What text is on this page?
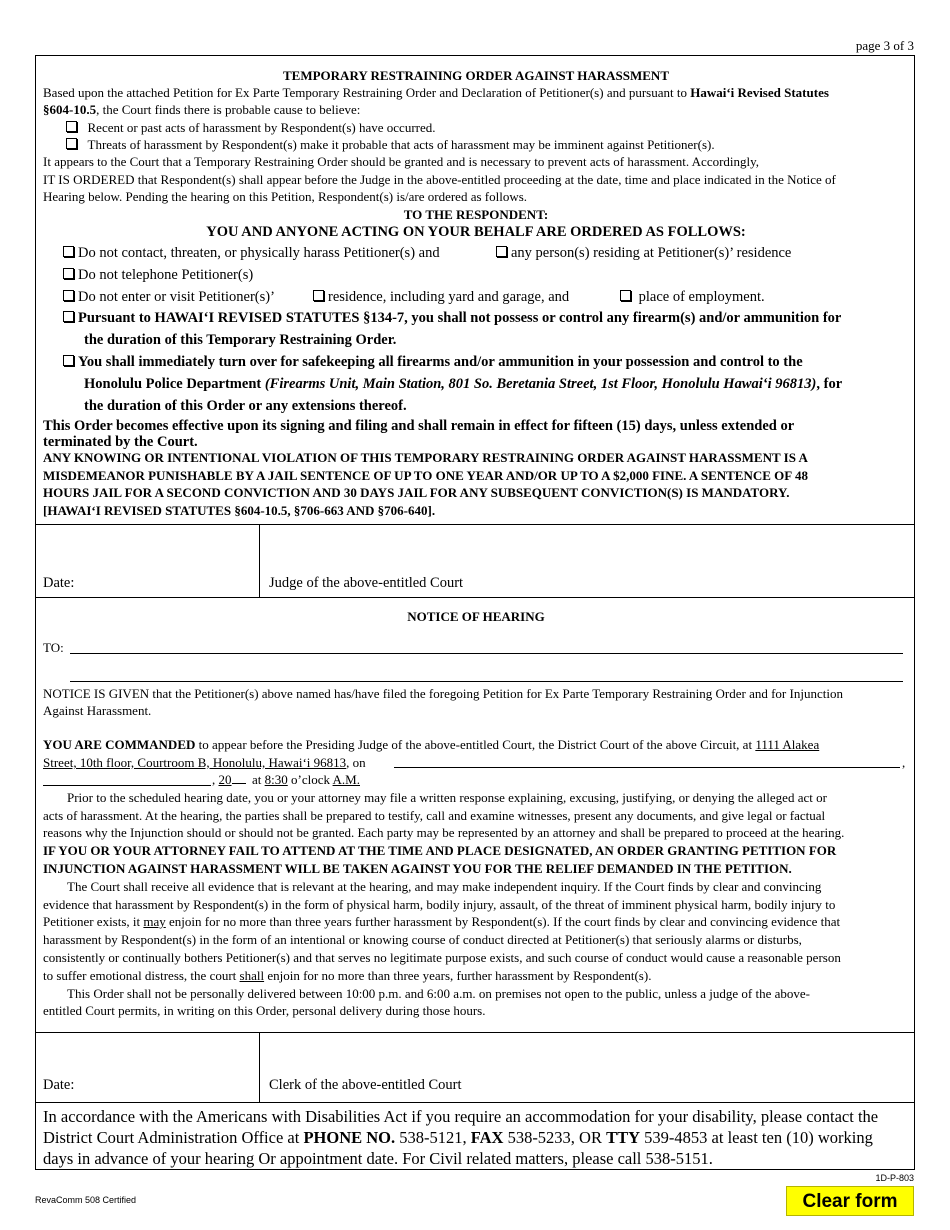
page 3 of 3
TEMPORARY RESTRAINING ORDER AGAINST HARASSMENT
Based upon the attached Petition for Ex Parte Temporary Restraining Order and Declaration of Petitioner(s) and pursuant to Hawai‘i Revised Statutes
§604-10.5, the Court finds there is probable cause to believe:
Recent or past acts of harassment by Respondent(s) have occurred.
Threats of harassment by Respondent(s) make it probable that acts of harassment may be imminent against Petitioner(s).
It appears to the Court that a Temporary Restraining Order should be granted and is necessary to prevent acts of harassment. Accordingly,
IT IS ORDERED that Respondent(s) shall appear before the Judge in the above-entitled proceeding at the date, time and place indicated in the Notice of
Hearing below. Pending the hearing on this Petition, Respondent(s) is/are ordered as follows.
TO THE RESPONDENT:
YOU AND ANYONE ACTING ON YOUR BEHALF ARE ORDERED AS FOLLOWS:
Do not contact, threaten, or physically harass Petitioner(s) and	any person(s) residing at Petitioner(s)’ residence
Do not telephone Petitioner(s)
Do not enter or visit Petitioner(s)’	residence, including yard and garage, and	place of employment.
Pursuant to HAWAI‘I REVISED STATUTES §134-7, you shall not possess or control any firearm(s) and/or ammunition for
the duration of this Temporary Restraining Order.
You shall immediately turn over for safekeeping all firearms and/or ammunition in your possession and control to the
Honolulu Police Department (Firearms Unit, Main Station, 801 So. Beretania Street, 1st Floor, Honolulu Hawai‘i 96813), for
the duration of this Order or any extensions thereof.
This Order becomes effective upon its signing and filing and shall remain in effect for fifteen (15) days, unless extended or
terminated by the Court.
ANY KNOWING OR INTENTIONAL VIOLATION OF THIS TEMPORARY RESTRAINING ORDER AGAINST HARASSMENT IS A
MISDEMEANOR PUNISHABLE BY A JAIL SENTENCE OF UP TO ONE YEAR AND/OR UP TO A $2,000 FINE. A SENTENCE OF 48
HOURS JAIL FOR A SECOND CONVICTION AND 30 DAYS JAIL FOR ANY SUBSEQUENT CONVICTION(S) IS MANDATORY.
[HAWAI‘I REVISED STATUTES §604-10.5, §706-663 AND §706-640].
Date:	Judge of the above-entitled Court
NOTICE OF HEARING
TO:
NOTICE IS GIVEN that the Petitioner(s) above named has/have filed the foregoing Petition for Ex Parte Temporary Restraining Order and for Injunction
Against Harassment.
YOU ARE COMMANDED to appear before the Presiding Judge of the above-entitled Court, the District Court of the above Circuit, at 1111 Alakea
Street, 10th floor, Courtroom B, Honolulu, Hawai‘i 96813, on	,
, 20 at 8:30 o’clock A.M.
Prior to the scheduled hearing date, you or your attorney may file a written response explaining, excusing, justifying, or denying the alleged act or
acts of harassment. At the hearing, the parties shall be prepared to testify, call and examine witnesses, present any documents, and give legal or factual
reasons why the Injunction should or should not be granted. Each party may be represented by an attorney and shall be prepared to proceed at the hearing.
IF YOU OR YOUR ATTORNEY FAIL TO ATTEND AT THE TIME AND PLACE DESIGNATED, AN ORDER GRANTING PETITION FOR
INJUNCTION AGAINST HARASSMENT WILL BE TAKEN AGAINST YOU FOR THE RELIEF DEMANDED IN THE PETITION.
The Court shall receive all evidence that is relevant at the hearing, and may make independent inquiry. If the Court finds by clear and convincing
evidence that harassment by Respondent(s) in the form of physical harm, bodily injury, assault, of the threat of imminent physical harm, bodily injury to
Petitioner exists, it may enjoin for no more than three years further harassment by Respondent(s). If the court finds by clear and convincing evidence that
harassment by Respondent(s) in the form of an intentional or knowing course of conduct directed at Petitioner(s) that seriously alarms or disturbs,
consistently or continually bothers Petitioner(s) and that serves no legitimate purpose exists, and such course of conduct would cause a reasonable person
to suffer emotional distress, the court shall enjoin for no more than three years, further harassment by Respondent(s).
This Order shall not be personally delivered between 10:00 p.m. and 6:00 a.m. on premises not open to the public, unless a judge of the above-
entitled Court permits, in writing on this Order, personal delivery during those hours.
Date:	Clerk of the above-entitled Court
In accordance with the Americans with Disabilities Act if you require an accommodation for your disability, please contact the
District Court Administration Office at PHONE NO. 538-5121, FAX 538-5233, OR TTY 539-4853 at least ten (10) working
days in advance of your hearing Or appointment date. For Civil related matters, please call 538-5151.
1D-P-803
RevaComm 508 Certified	Clear form
